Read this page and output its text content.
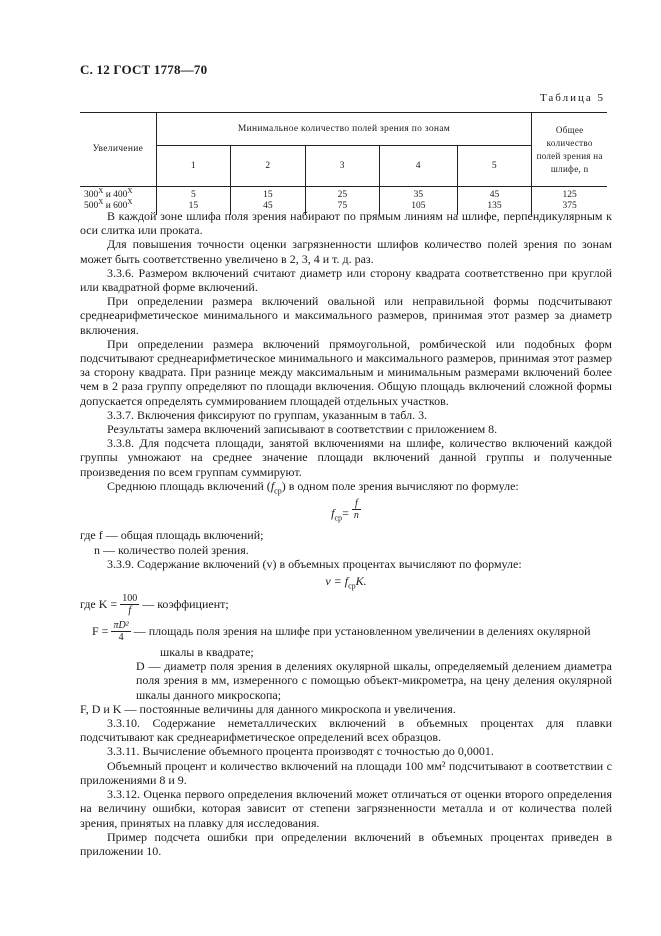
С. 12 ГОСТ 1778—70
Таблица 5
Увеличение	Минимальное количество полей зрения по зонам					Общее количество полей зрения на шлифе, n
	1	2	3	4	5	
$300^X$ и $400^X$	5	15	25	35	45	125
$500^X$ и $600^X$	15	45	75	105	135	375

В каждой зоне шлифа поля зрения набирают по прямым линиям на шлифе, перпендикулярным к оси слитка или проката.

Для повышения точности оценки загрязненности шлифов количество полей зрения по зонам может быть соответственно увеличено в 2, 3, 4 и т. д. раз.

3.3.6. Размером включений считают диаметр или сторону квадрата соответственно при круглой или квадратной форме включений.

При определении размера включений овальной или неправильной формы подсчитывают среднеарифметическое минимального и максимального размеров, принимая этот размер за диаметр включения.

При определении размера включений прямоугольной, ромбической или подобных форм подсчитывают среднеарифметическое минимального и максимального размеров, принимая этот размер за сторону квадрата. При разнице между максимальным и минимальным размерами включений более чем в 2 раза группу определяют по площади включения. Общую площадь включений сложной формы допускается определять суммированием площадей отдельных участков.

3.3.7. Включения фиксируют по группам, указанным в табл. 3.

Результаты замера включений записывают в соответствии с приложением 8.

3.3.8. Для подсчета площади, занятой включениями на шлифе, количество включений каждой группы умножают на среднее значение площади включений данной группы и полученные произведения по всем группам суммируют.

Среднюю площадь включений $(f_{ср})$ в одном поле зрения вычисляют по формуле:

$f_{ср}= \frac{f}{n}$

где f — общая площадь включений;

n — количество полей зрения.

3.3.9. Содержание включений (v) в объемных процентах вычисляют по формуле:

$v = f_{ср}K$.
где K =
$\frac{100}{f}$
— коэффициент;
F =
$\frac{\text{πD²}}{4}$
— площадь поля зрения на шлифе при установленном увеличении в делениях окулярной

шкалы в квадрате;

D — диаметр поля зрения в делениях окулярной шкалы, определяемый делением диаметра поля зрения в мм, измеренного с помощью объект-микрометра, на цену деления окулярной шкалы данного микроскопа;

F, D и K — постоянные величины для данного микроскопа и увеличения.

3.3.10. Содержание неметаллических включений в объемных процентах для плавки подсчитывают как среднеарифметическое определений всех образцов.

3.3.11. Вычисление объемного процента производят с точностью до 0,0001.

Объемный процент и количество включений на площади 100 мм² подсчитывают в соответствии с приложениями 8 и 9.

3.3.12. Оценка первого определения включений может отличаться от оценки второго определения на величину ошибки, которая зависит от степени загрязненности металла и от количества полей зрения, принятых на плавку для исследования.

Пример подсчета ошибки при определении включений в объемных процентах приведен в приложении 10.
